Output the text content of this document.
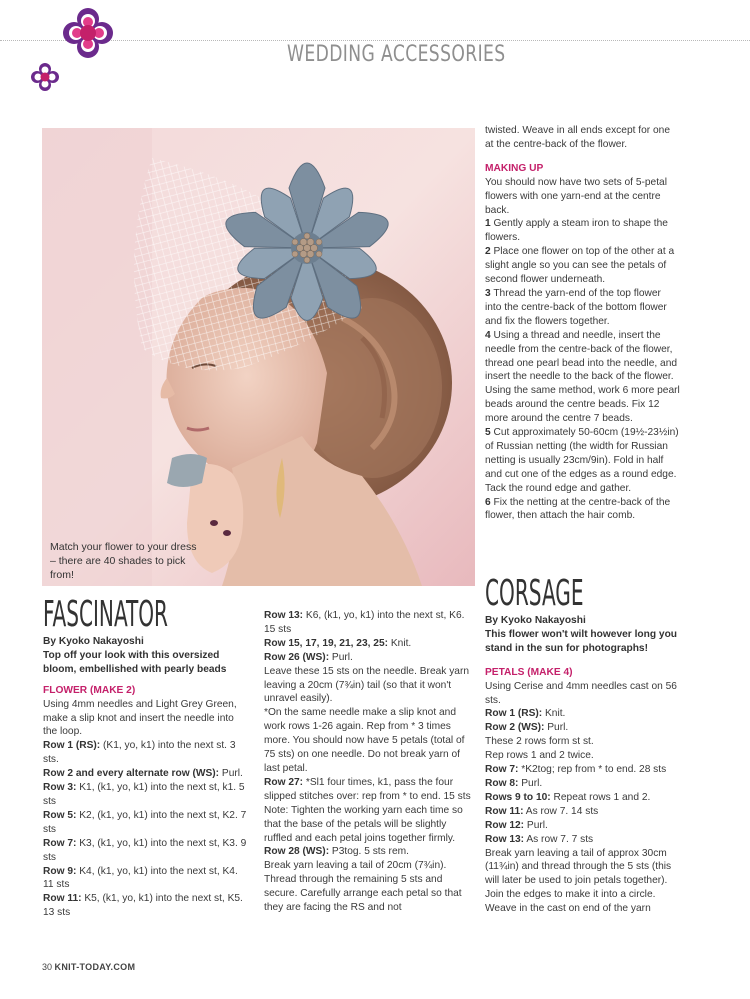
WEDDING ACCESSORIES
Match your flower to your dress – there are 40 shades to pick from!
FASCINATOR

By Kyoko Nakayoshi

Top off your look with this oversized bloom, embellished with pearly beads

FLOWER (MAKE 2)

Using 4mm needles and Light Grey Green, make a slip knot and insert the needle into the loop.

Row 1 (RS): (K1, yo, k1) into the next st. 3 sts.

Row 2 and every alternate row (WS): Purl.

Row 3: K1, (k1, yo, k1) into the next st, k1. 5 sts

Row 5: K2, (k1, yo, k1) into the next st, K2. 7 sts

Row 7: K3, (k1, yo, k1) into the next st, K3. 9 sts

Row 9: K4, (k1, yo, k1) into the next st, K4. 11 sts

Row 11: K5, (k1, yo, k1) into the next st, K5. 13 sts

Row 13: K6, (k1, yo, k1) into the next st, K6. 15 sts

Row 15, 17, 19, 21, 23, 25: Knit.

Row 26 (WS): Purl.

Leave these 15 sts on the needle. Break yarn leaving a 20cm (7¾in) tail (so that it won't unravel easily).

*On the same needle make a slip knot and work rows 1-26 again. Rep from * 3 times more. You should now have 5 petals (total of 75 sts) on one needle. Do not break yarn of last petal.

Row 27: *Sl1 four times, k1, pass the four slipped stitches over: rep from * to end. 15 sts

Note: Tighten the working yarn each time so that the base of the petals will be slightly ruffled and each petal joins together firmly.

Row 28 (WS): P3tog. 5 sts rem.

Break yarn leaving a tail of 20cm (7¾in). Thread through the remaining 5 sts and secure. Carefully arrange each petal so that they are facing the RS and not

twisted. Weave in all ends except for one at the centre-back of the flower.

MAKING UP

You should now have two sets of 5-petal flowers with one yarn-end at the centre back.

1 Gently apply a steam iron to shape the flowers.

2 Place one flower on top of the other at a slight angle so you can see the petals of second flower underneath.

3 Thread the yarn-end of the top flower into the centre-back of the bottom flower and fix the flowers together.

4 Using a thread and needle, insert the needle from the centre-back of the flower, thread one pearl bead into the needle, and insert the needle to the back of the flower. Using the same method, work 6 more pearl beads around the centre beads. Fix 12 more around the centre 7 beads.

5 Cut approximately 50-60cm (19½-23½in) of Russian netting (the width for Russian netting is usually 23cm/9in). Fold in half and cut one of the edges as a round edge. Tack the round edge and gather.

6 Fix the netting at the centre-back of the flower, then attach the hair comb.

CORSAGE

By Kyoko Nakayoshi

This flower won't wilt however long you stand in the sun for photographs!

PETALS (MAKE 4)

Using Cerise and 4mm needles cast on 56 sts.

Row 1 (RS): Knit.

Row 2 (WS): Purl.

These 2 rows form st st.

Rep rows 1 and 2 twice.

Row 7: *K2tog; rep from * to end. 28 sts

Row 8: Purl.

Rows 9 to 10: Repeat rows 1 and 2.

Row 11: As row 7. 14 sts

Row 12: Purl.

Row 13: As row 7. 7 sts

Break yarn leaving a tail of approx 30cm (11¾in) and thread through the 5 sts (this will later be used to join petals together).

Join the edges to make it into a circle. Weave in the cast on end of the yarn

30 KNIT-TODAY.COM
